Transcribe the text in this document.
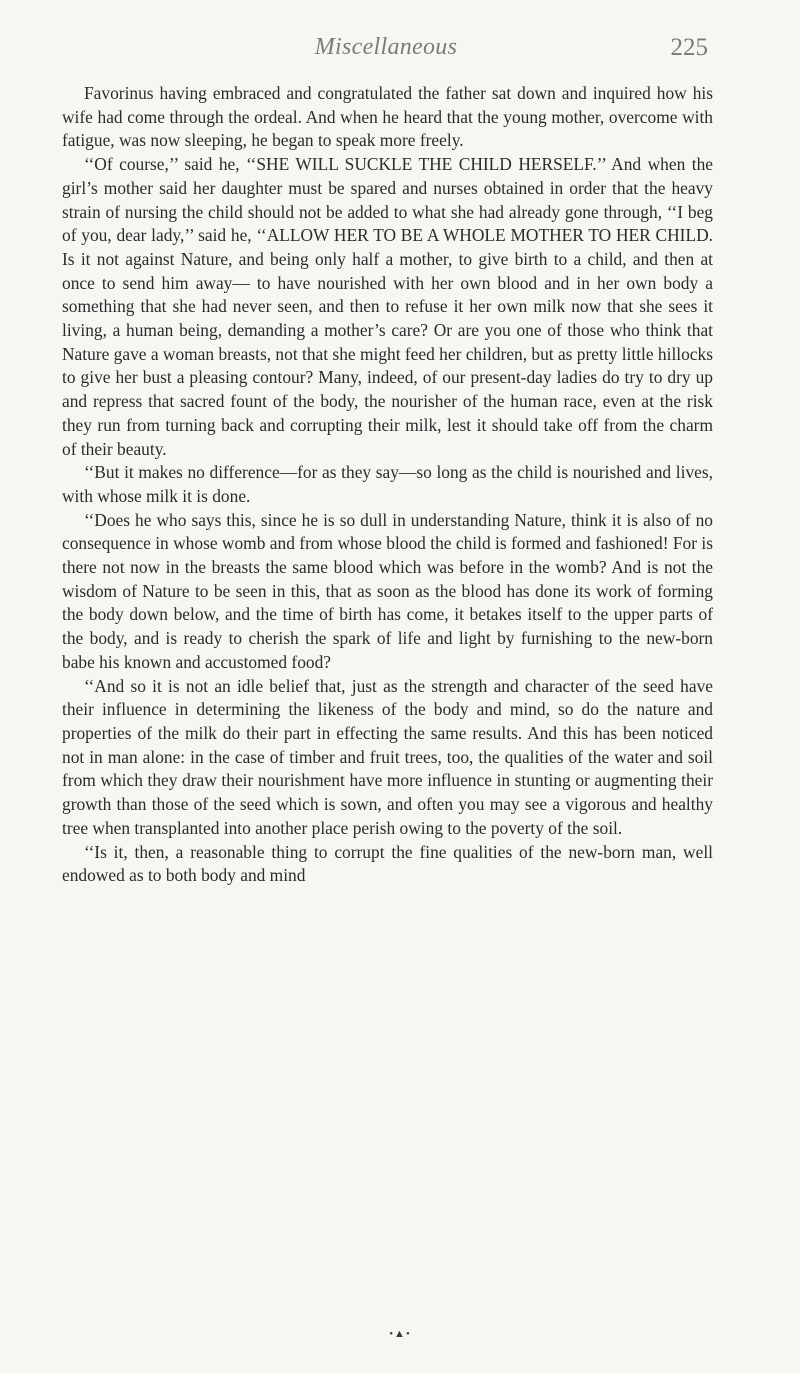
Miscellaneous	225

Favorinus having embraced and congratulated the father sat down and inquired how his wife had come through the ordeal. And when he heard that the young mother, overcome with fatigue, was now sleeping, he began to speak more freely.

‘‘Of course,’’ said he, ‘‘SHE WILL SUCKLE THE CHILD HERSELF.’’ And when the girl’s mother said her daughter must be spared and nurses obtained in order that the heavy strain of nursing the child should not be added to what she had already gone through, ‘‘I beg of you, dear lady,’’ said he, ‘‘ALLOW HER TO BE A WHOLE MOTHER TO HER CHILD. Is it not against Nature, and being only half a mother, to give birth to a child, and then at once to send him away— to have nourished with her own blood and in her own body a something that she had never seen, and then to refuse it her own milk now that she sees it living, a human being, demanding a mother’s care? Or are you one of those who think that Nature gave a woman breasts, not that she might feed her children, but as pretty little hillocks to give her bust a pleasing contour? Many, indeed, of our present-day ladies do try to dry up and repress that sacred fount of the body, the nourisher of the human race, even at the risk they run from turning back and corrupting their milk, lest it should take off from the charm of their beauty.

‘‘But it makes no difference—for as they say—so long as the child is nourished and lives, with whose milk it is done.

‘‘Does he who says this, since he is so dull in understanding Nature, think it is also of no consequence in whose womb and from whose blood the child is formed and fashioned! For is there not now in the breasts the same blood which was before in the womb? And is not the wisdom of Nature to be seen in this, that as soon as the blood has done its work of forming the body down below, and the time of birth has come, it betakes itself to the upper parts of the body, and is ready to cherish the spark of life and light by furnishing to the new-born babe his known and accustomed food?

‘‘And so it is not an idle belief that, just as the strength and character of the seed have their influence in determining the likeness of the body and mind, so do the nature and properties of the milk do their part in effecting the same results. And this has been noticed not in man alone: in the case of timber and fruit trees, too, the qualities of the water and soil from which they draw their nourishment have more influence in stunting or augmenting their growth than those of the seed which is sown, and often you may see a vigorous and healthy tree when transplanted into another place perish owing to the poverty of the soil.

‘‘Is it, then, a reasonable thing to corrupt the fine qualities of the new-born man, well endowed as to both body and mind

•▲•
